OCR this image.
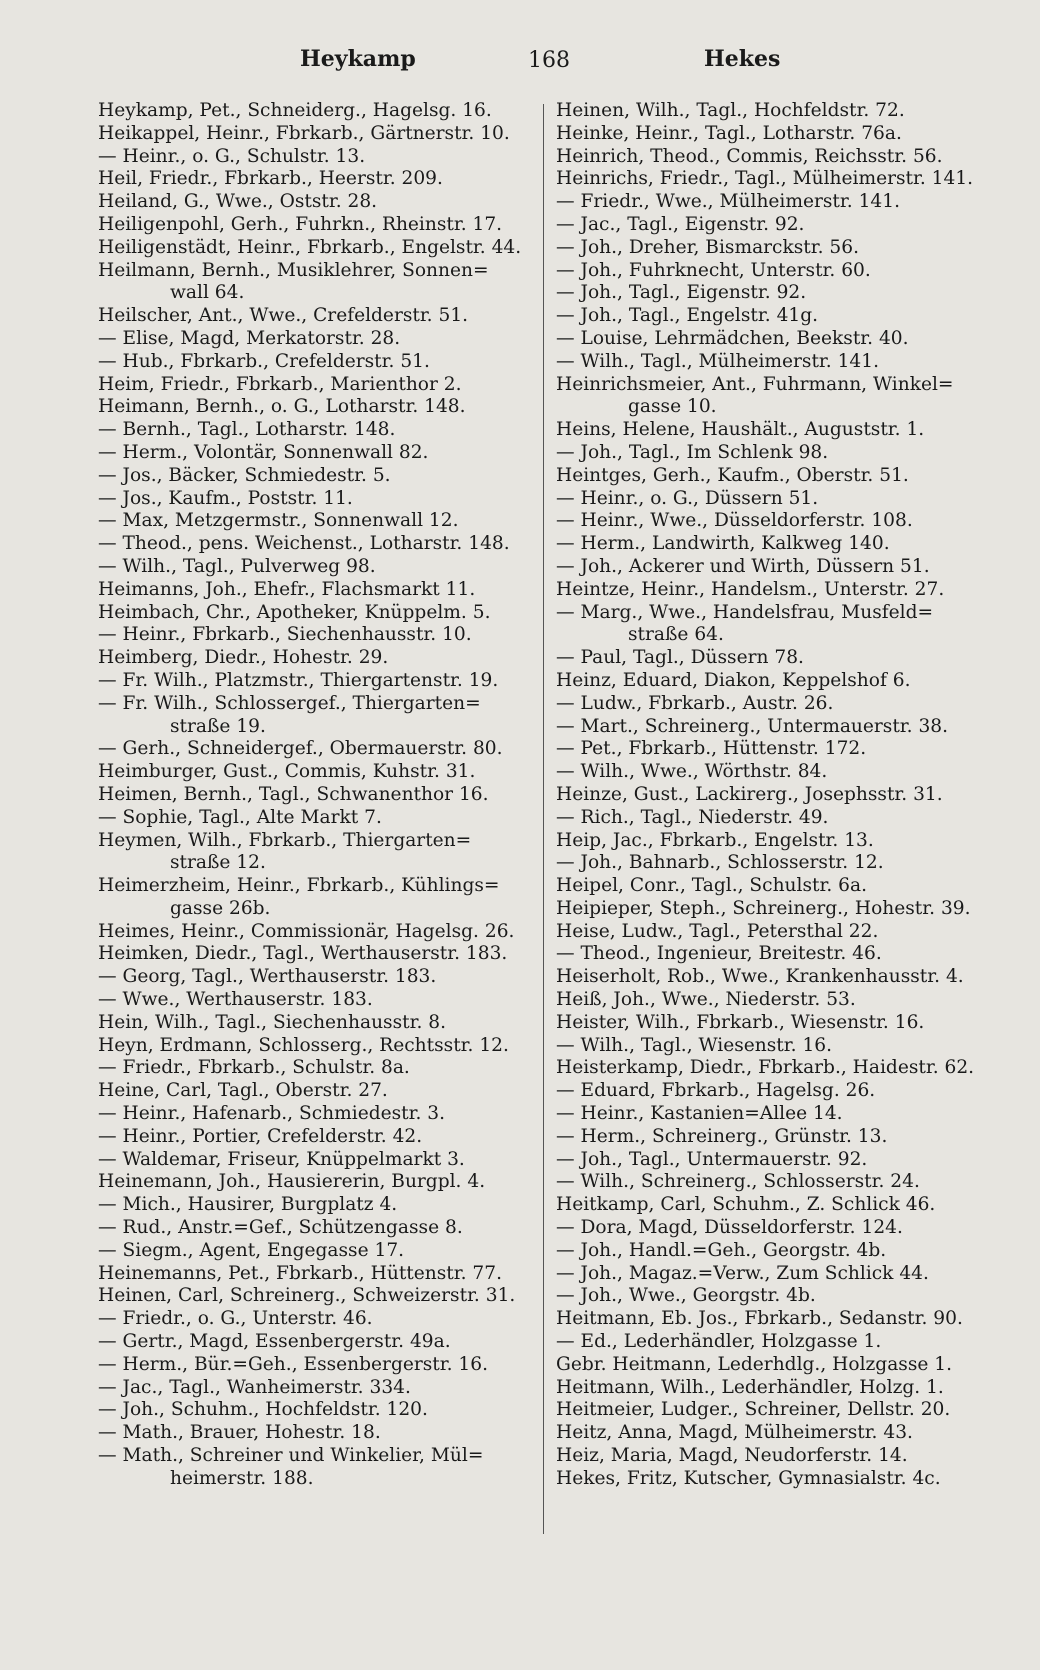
Heykamp	168	Hekes
Heykamp, Pet., Schneiderg., Hagelsg. 16.
Heikappel, Heinr., Fbrkarb., Gärtnerstr. 10.
— Heinr., o. G., Schulstr. 13.
Heil, Friedr., Fbrkarb., Heerstr. 209.
Heiland, G., Wwe., Oststr. 28.
Heiligenpohl, Gerh., Fuhrkn., Rheinstr. 17.
Heiligenstädt, Heinr., Fbrkarb., Engelstr. 44.
Heilmann, Bernh., Musiklehrer, Sonnen=
wall 64.
Heilscher, Ant., Wwe., Crefelderstr. 51.
— Elise, Magd, Merkatorstr. 28.
— Hub., Fbrkarb., Crefelderstr. 51.
Heim, Friedr., Fbrkarb., Marienthor 2.
Heimann, Bernh., o. G., Lotharstr. 148.
— Bernh., Tagl., Lotharstr. 148.
— Herm., Volontär, Sonnenwall 82.
— Jos., Bäcker, Schmiedestr. 5.
— Jos., Kaufm., Poststr. 11.
— Max, Metzgermstr., Sonnenwall 12.
— Theod., pens. Weichenst., Lotharstr. 148.
— Wilh., Tagl., Pulverweg 98.
Heimanns, Joh., Ehefr., Flachsmarkt 11.
Heimbach, Chr., Apotheker, Knüppelm. 5.
— Heinr., Fbrkarb., Siechenhausstr. 10.
Heimberg, Diedr., Hohestr. 29.
— Fr. Wilh., Platzmstr., Thiergartenstr. 19.
— Fr. Wilh., Schlossergef., Thiergarten=
straße 19.
— Gerh., Schneidergef., Obermauerstr. 80.
Heimburger, Gust., Commis, Kuhstr. 31.
Heimen, Bernh., Tagl., Schwanenthor 16.
— Sophie, Tagl., Alte Markt 7.
Heymen, Wilh., Fbrkarb., Thiergarten=
straße 12.
Heimerzheim, Heinr., Fbrkarb., Kühlings=
gasse 26b.
Heimes, Heinr., Commissionär, Hagelsg. 26.
Heimken, Diedr., Tagl., Werthauserstr. 183.
— Georg, Tagl., Werthauserstr. 183.
— Wwe., Werthauserstr. 183.
Hein, Wilh., Tagl., Siechenhausstr. 8.
Heyn, Erdmann, Schlosserg., Rechtsstr. 12.
— Friedr., Fbrkarb., Schulstr. 8a.
Heine, Carl, Tagl., Oberstr. 27.
— Heinr., Hafenarb., Schmiedestr. 3.
— Heinr., Portier, Crefelderstr. 42.
— Waldemar, Friseur, Knüppelmarkt 3.
Heinemann, Joh., Hausiererin, Burgpl. 4.
— Mich., Hausirer, Burgplatz 4.
— Rud., Anstr.=Gef., Schützengasse 8.
— Siegm., Agent, Engegasse 17.
Heinemanns, Pet., Fbrkarb., Hüttenstr. 77.
Heinen, Carl, Schreinerg., Schweizerstr. 31.
— Friedr., o. G., Unterstr. 46.
— Gertr., Magd, Essenbergerstr. 49a.
— Herm., Bür.=Geh., Essenbergerstr. 16.
— Jac., Tagl., Wanheimerstr. 334.
— Joh., Schuhm., Hochfeldstr. 120.
— Math., Brauer, Hohestr. 18.
— Math., Schreiner und Winkelier, Mül=
heimerstr. 188.
Heinen, Wilh., Tagl., Hochfeldstr. 72.
Heinke, Heinr., Tagl., Lotharstr. 76a.
Heinrich, Theod., Commis, Reichsstr. 56.
Heinrichs, Friedr., Tagl., Mülheimerstr. 141.
— Friedr., Wwe., Mülheimerstr. 141.
— Jac., Tagl., Eigenstr. 92.
— Joh., Dreher, Bismarckstr. 56.
— Joh., Fuhrknecht, Unterstr. 60.
— Joh., Tagl., Eigenstr. 92.
— Joh., Tagl., Engelstr. 41g.
— Louise, Lehrmädchen, Beekstr. 40.
— Wilh., Tagl., Mülheimerstr. 141.
Heinrichsmeier, Ant., Fuhrmann, Winkel=
gasse 10.
Heins, Helene, Haushält., Auguststr. 1.
— Joh., Tagl., Im Schlenk 98.
Heintges, Gerh., Kaufm., Oberstr. 51.
— Heinr., o. G., Düssern 51.
— Heinr., Wwe., Düsseldorferstr. 108.
— Herm., Landwirth, Kalkweg 140.
— Joh., Ackerer und Wirth, Düssern 51.
Heintze, Heinr., Handelsm., Unterstr. 27.
— Marg., Wwe., Handelsfrau, Musfeld=
straße 64.
— Paul, Tagl., Düssern 78.
Heinz, Eduard, Diakon, Keppelshof 6.
— Ludw., Fbrkarb., Austr. 26.
— Mart., Schreinerg., Untermauerstr. 38.
— Pet., Fbrkarb., Hüttenstr. 172.
— Wilh., Wwe., Wörthstr. 84.
Heinze, Gust., Lackirerg., Josephsstr. 31.
— Rich., Tagl., Niederstr. 49.
Heip, Jac., Fbrkarb., Engelstr. 13.
— Joh., Bahnarb., Schlosserstr. 12.
Heipel, Conr., Tagl., Schulstr. 6a.
Heipieper, Steph., Schreinerg., Hohestr. 39.
Heise, Ludw., Tagl., Petersthal 22.
— Theod., Ingenieur, Breitestr. 46.
Heiserholt, Rob., Wwe., Krankenhausstr. 4.
Heiß, Joh., Wwe., Niederstr. 53.
Heister, Wilh., Fbrkarb., Wiesenstr. 16.
— Wilh., Tagl., Wiesenstr. 16.
Heisterkamp, Diedr., Fbrkarb., Haidestr. 62.
— Eduard, Fbrkarb., Hagelsg. 26.
— Heinr., Kastanien=Allee 14.
— Herm., Schreinerg., Grünstr. 13.
— Joh., Tagl., Untermauerstr. 92.
— Wilh., Schreinerg., Schlosserstr. 24.
Heitkamp, Carl, Schuhm., Z. Schlick 46.
— Dora, Magd, Düsseldorferstr. 124.
— Joh., Handl.=Geh., Georgstr. 4b.
— Joh., Magaz.=Verw., Zum Schlick 44.
— Joh., Wwe., Georgstr. 4b.
Heitmann, Eb. Jos., Fbrkarb., Sedanstr. 90.
— Ed., Lederhändler, Holzgasse 1.
Gebr. Heitmann, Lederhdlg., Holzgasse 1.
Heitmann, Wilh., Lederhändler, Holzg. 1.
Heitmeier, Ludger., Schreiner, Dellstr. 20.
Heitz, Anna, Magd, Mülheimerstr. 43.
Heiz, Maria, Magd, Neudorferstr. 14.
Hekes, Fritz, Kutscher, Gymnasialstr. 4c.
